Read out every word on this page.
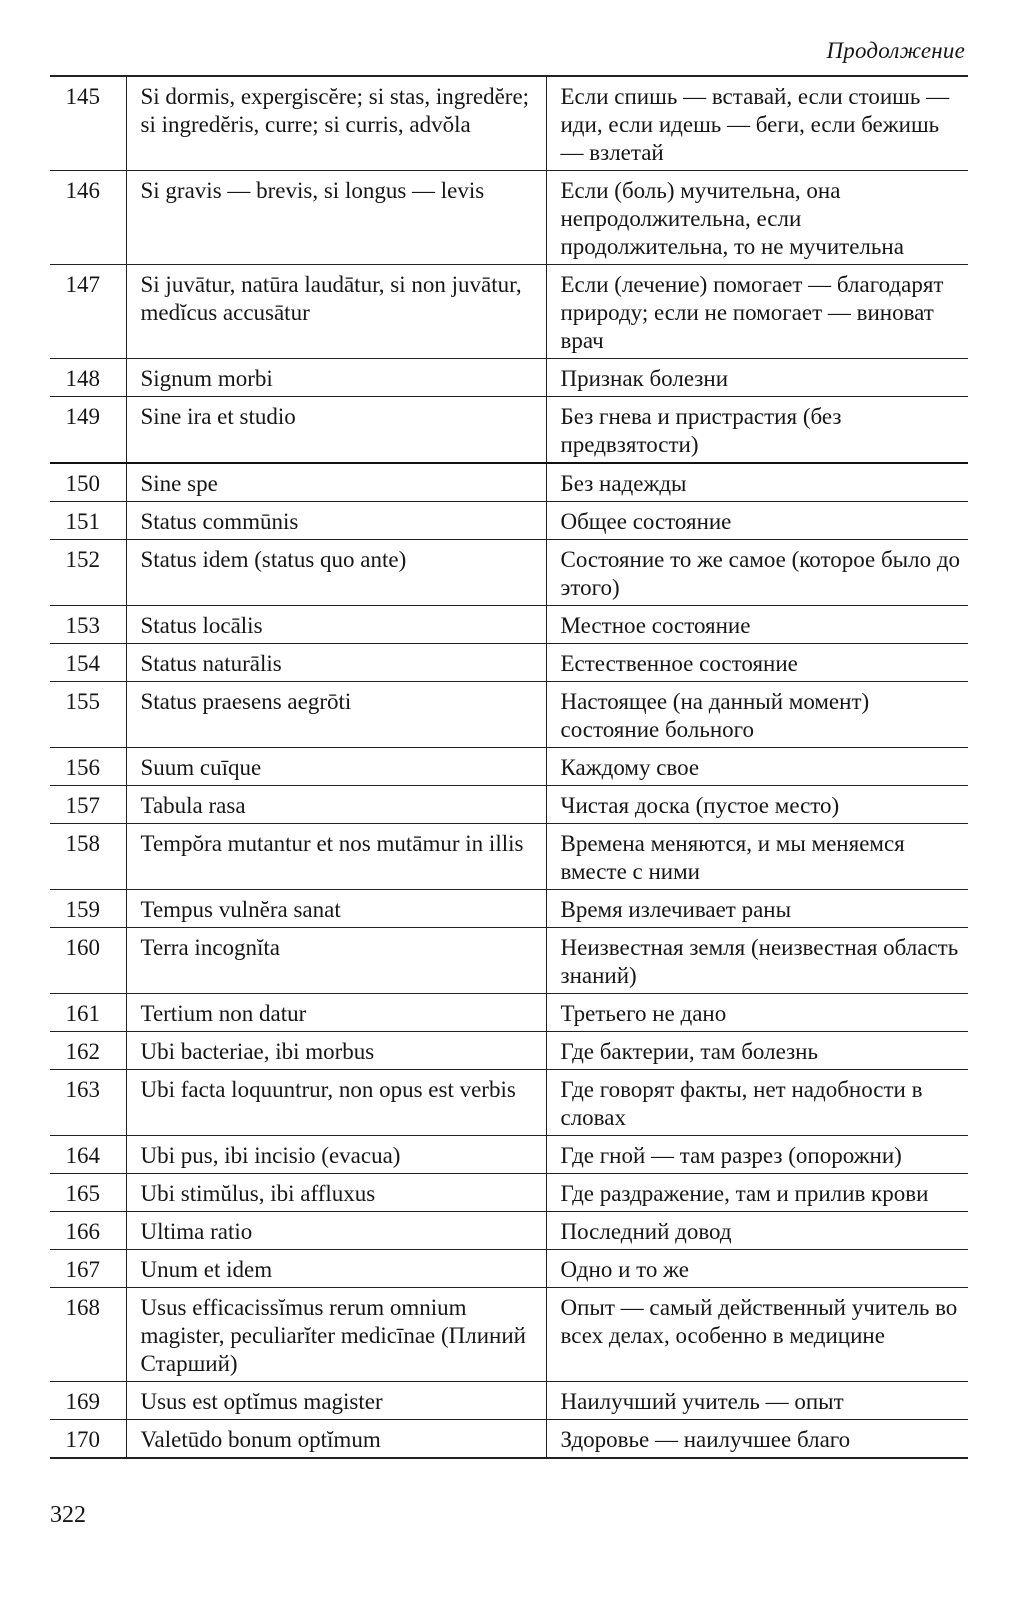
Продолжение
145	Si dormis, expergiscĕre; si stas, ingredĕre; si ingredĕris, curre; si curris, advŏla	Если спишь — вставай, если стоишь — иди, если идешь — беги, если бежишь — взлетай
146	Si gravis — brevis, si longus — levis	Если (боль) мучительна, она непродолжительна, если продолжительна, то не мучительна
147	Si juvātur, natūra laudātur, si non juvātur, medĭcus accusātur	Если (лечение) помогает — благодарят природу; если не помогает — виноват врач
148	Signum morbi	Признак болезни
149	Sine ira et studio	Без гнева и пристрастия (без предвзятости)
150	Sine spe	Без надежды
151	Status commūnis	Общее состояние
152	Status idem (status quo ante)	Состояние то же самое (которое было до этого)
153	Status locālis	Местное состояние
154	Status naturālis	Естественное состояние
155	Status praesens aegrōti	Настоящее (на данный момент) состояние больного
156	Suum cuīque	Каждому свое
157	Tabula rasa	Чистая доска (пустое место)
158	Tempŏra mutantur et nos mutāmur in illis	Времена меняются, и мы меняемся вместе с ними
159	Tempus vulnĕra sanat	Время излечивает раны
160	Terra incognĭta	Неизвестная земля (неизвестная область знаний)
161	Tertium non datur	Третьего не дано
162	Ubi bacteriae, ibi morbus	Где бактерии, там болезнь
163	Ubi facta loquuntrur, non opus est verbis	Где говорят факты, нет надобности в словах
164	Ubi pus, ibi incisio (evacua)	Где гной — там разрез (опорожни)
165	Ubi stimŭlus, ibi affluxus	Где раздражение, там и прилив крови
166	Ultima ratio	Последний довод
167	Unum et idem	Одно и то же
168	Usus efficacissĭmus rerum omnium magister, peculiarĭter medicīnae (Плиний Старший)	Опыт — самый действенный учитель во всех делах, особенно в медицине
169	Usus est optĭmus magister	Наилучший учитель — опыт
170	Valetūdo bonum optĭmum	Здоровье — наилучшее благо
322
